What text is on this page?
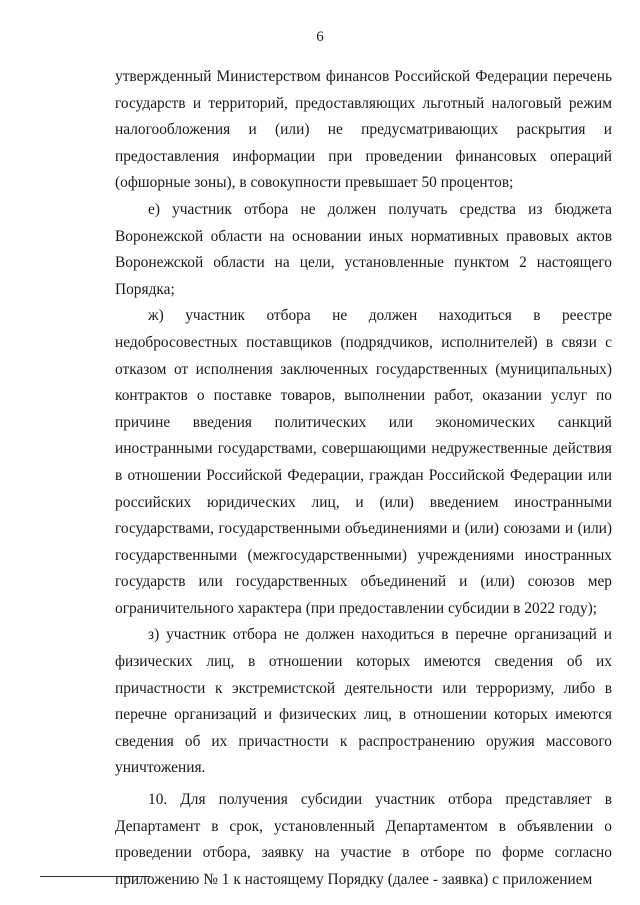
6

утвержденный Министерством финансов Российской Федерации перечень государств и территорий, предоставляющих льготный налоговый режим налогообложения и (или) не предусматривающих раскрытия и предоставления информации при проведении финансовых операций (офшорные зоны), в совокупности превышает 50 процентов;

е) участник отбора не должен получать средства из бюджета Воронежской области на основании иных нормативных правовых актов Воронежской области на цели, установленные пунктом 2 настоящего Порядка;

ж) участник отбора не должен находиться в реестре недобросовестных поставщиков (подрядчиков, исполнителей) в связи с отказом от исполнения заключенных государственных (муниципальных) контрактов о поставке товаров, выполнении работ, оказании услуг по причине введения политических или экономических санкций иностранными государствами, совершающими недружественные действия в отношении Российской Федерации, граждан Российской Федерации или российских юридических лиц, и (или) введением иностранными государствами, государственными объединениями и (или) союзами и (или) государственными (межгосударственными) учреждениями иностранных государств или государственных объединений и (или) союзов мер ограничительного характера (при предоставлении субсидии в 2022 году);

з) участник отбора не должен находиться в перечне организаций и физических лиц, в отношении которых имеются сведения об их причастности к экстремистской деятельности или терроризму, либо в перечне организаций и физических лиц, в отношении которых имеются сведения об их причастности к распространению оружия массового уничтожения.

10. Для получения субсидии участник отбора представляет в Департамент в срок, установленный Департаментом в объявлении о проведении отбора, заявку на участие в отборе по форме согласно приложению № 1 к настоящему Порядку (далее - заявка) с приложением
